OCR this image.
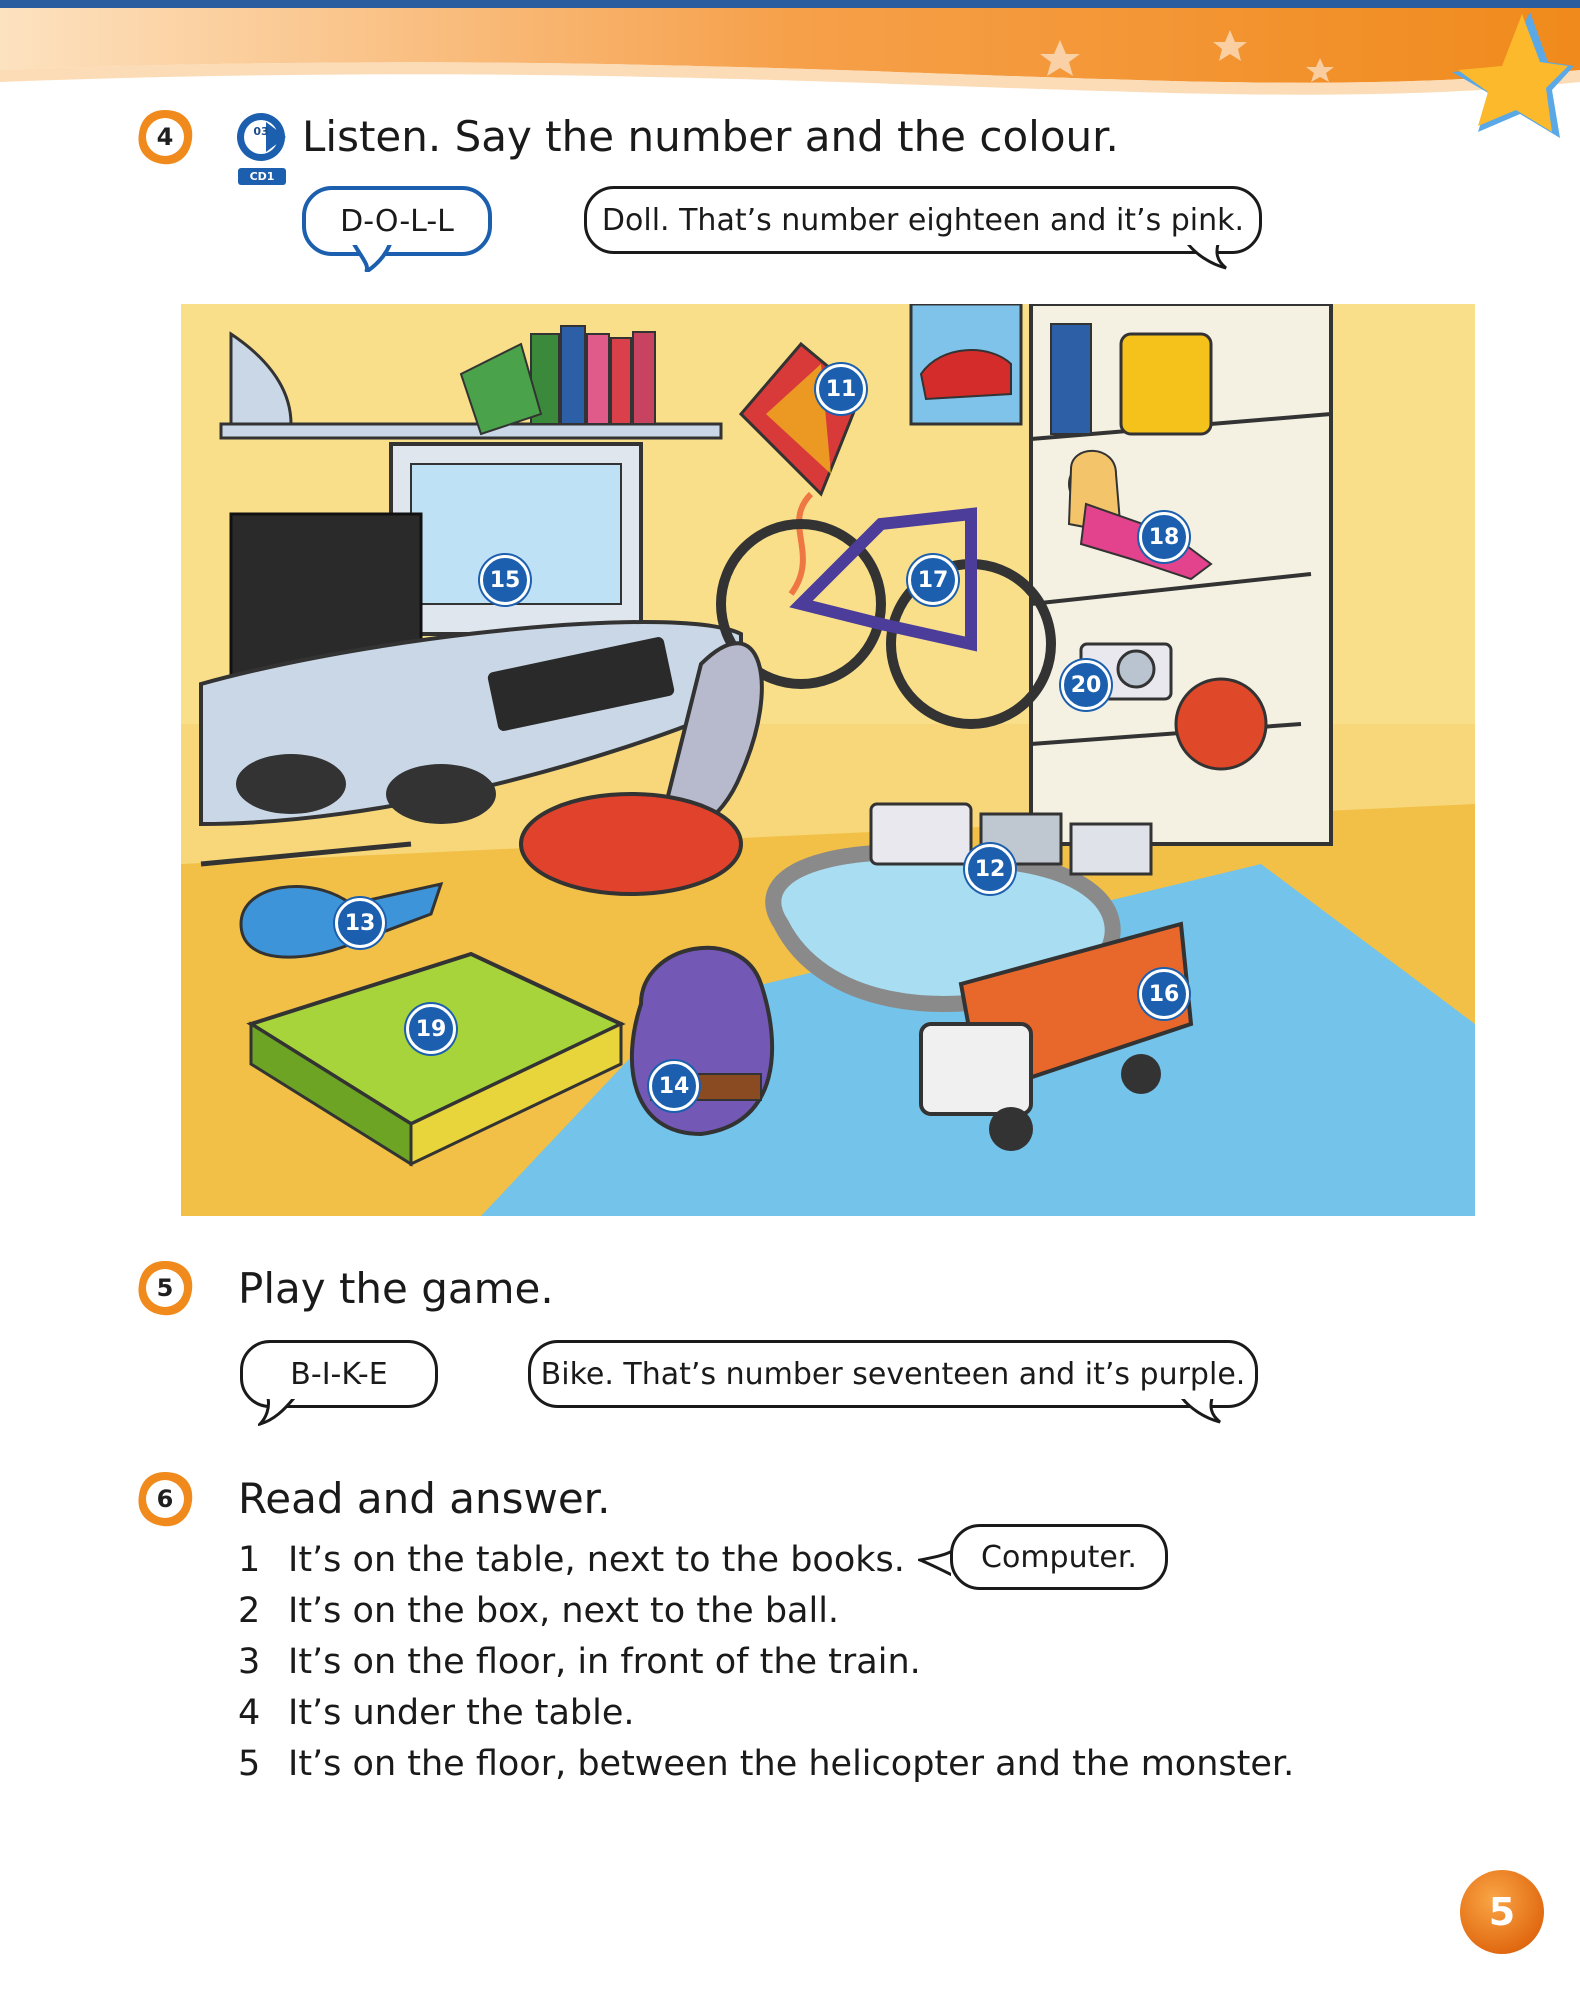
4	03
CD1
Listen. Say the number and the colour.
D-O-L-L	Doll. That’s number eighteen and it’s pink.
11
12
13
14
15
16
17
18
19
20
5	Play the game.
B-I-K-E	Bike. That’s number seventeen and it’s purple.
6	Read and answer.
1 It’s on the table, next to the books.
2 It’s on the box, next to the ball.
3 It’s on the floor, in front of the train.
4 It’s under the table.
5 It’s on the floor, between the helicopter and the monster.
Computer.
5
